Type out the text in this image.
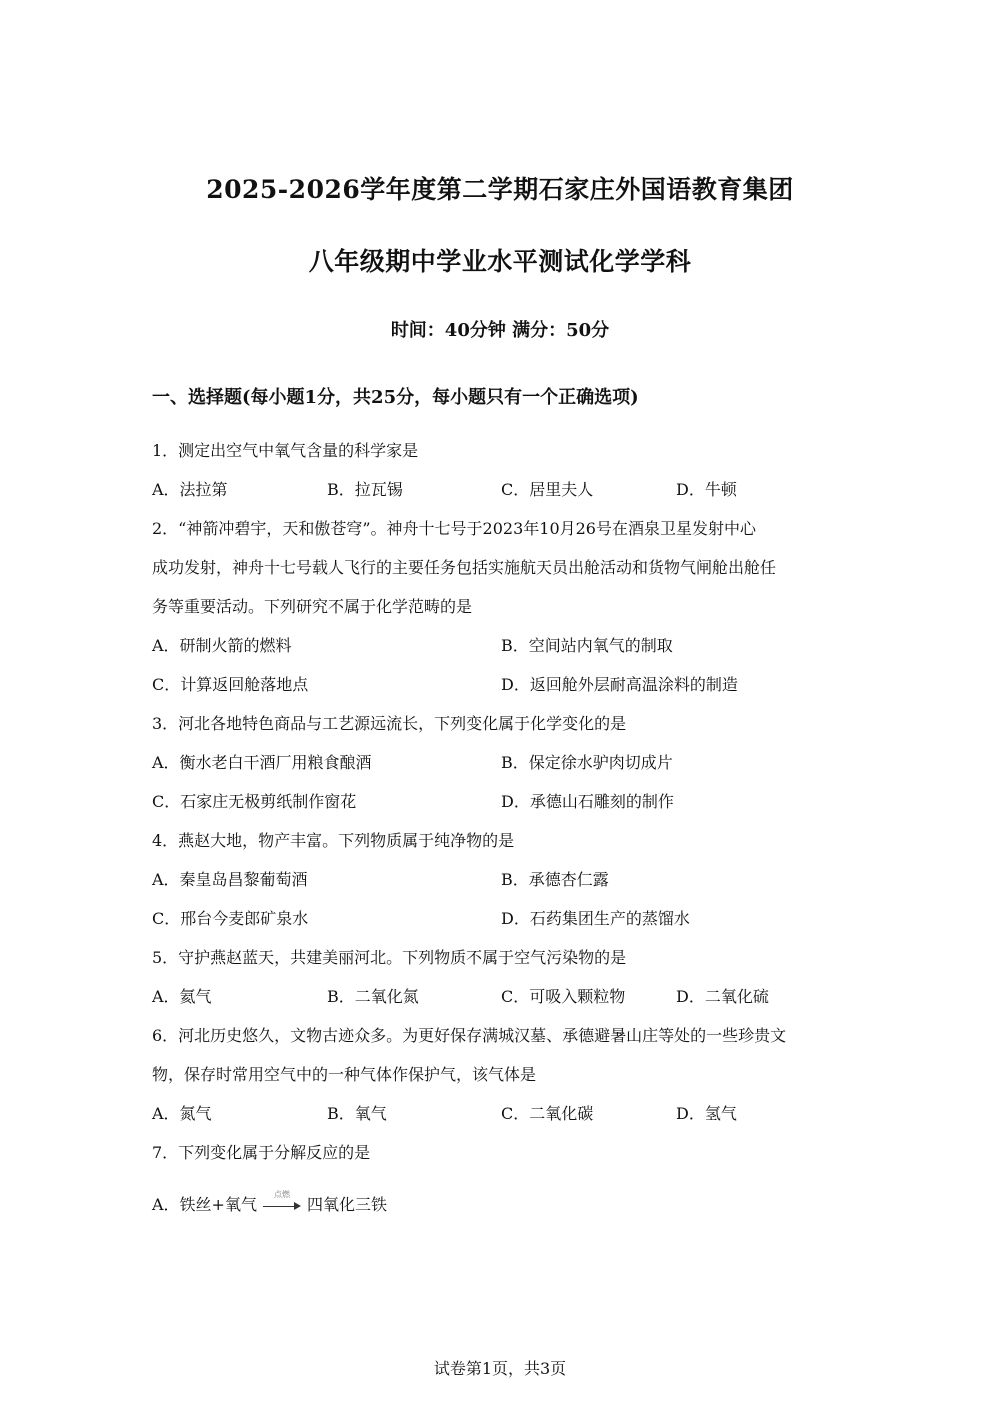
2025-2026学年度第二学期石家庄外国语教育集团
八年级期中学业水平测试化学学科
时间：40分钟 满分：50分
一、选择题(每小题1分，共25分，每小题只有一个正确选项)
1．测定出空气中氧气含量的科学家是
A．法拉第	B．拉瓦锡	C．居里夫人	D．牛顿
2．“神箭冲碧宇，天和傲苍穹”。神舟十七号于2023年10月26号在酒泉卫星发射中心
成功发射，神舟十七号载人飞行的主要任务包括实施航天员出舱活动和货物气闸舱出舱任
务等重要活动。下列研究不属于化学范畴的是
A．研制火箭的燃料	B．空间站内氧气的制取
C．计算返回舱落地点	D．返回舱外层耐高温涂料的制造
3．河北各地特色商品与工艺源远流长，下列变化属于化学变化的是
A．衡水老白干酒厂用粮食酿酒	B．保定徐水驴肉切成片
C．石家庄无极剪纸制作窗花	D．承德山石雕刻的制作
4．燕赵大地，物产丰富。下列物质属于纯净物的是
A．秦皇岛昌黎葡萄酒	B．承德杏仁露
C．邢台今麦郎矿泉水	D．石药集团生产的蒸馏水
5．守护燕赵蓝天，共建美丽河北。下列物质不属于空气污染物的是
A．氦气	B．二氧化氮	C．可吸入颗粒物	D．二氧化硫
6．河北历史悠久，文物古迹众多。为更好保存满城汉墓、承德避暑山庄等处的一些珍贵文
物，保存时常用空气中的一种气体作保护气，该气体是
A．氮气	B．氧气	C．二氧化碳	D．氢气
7．下列变化属于分解反应的是
A．铁丝+氧气
点燃
四氧化三铁
试卷第1页，共3页
